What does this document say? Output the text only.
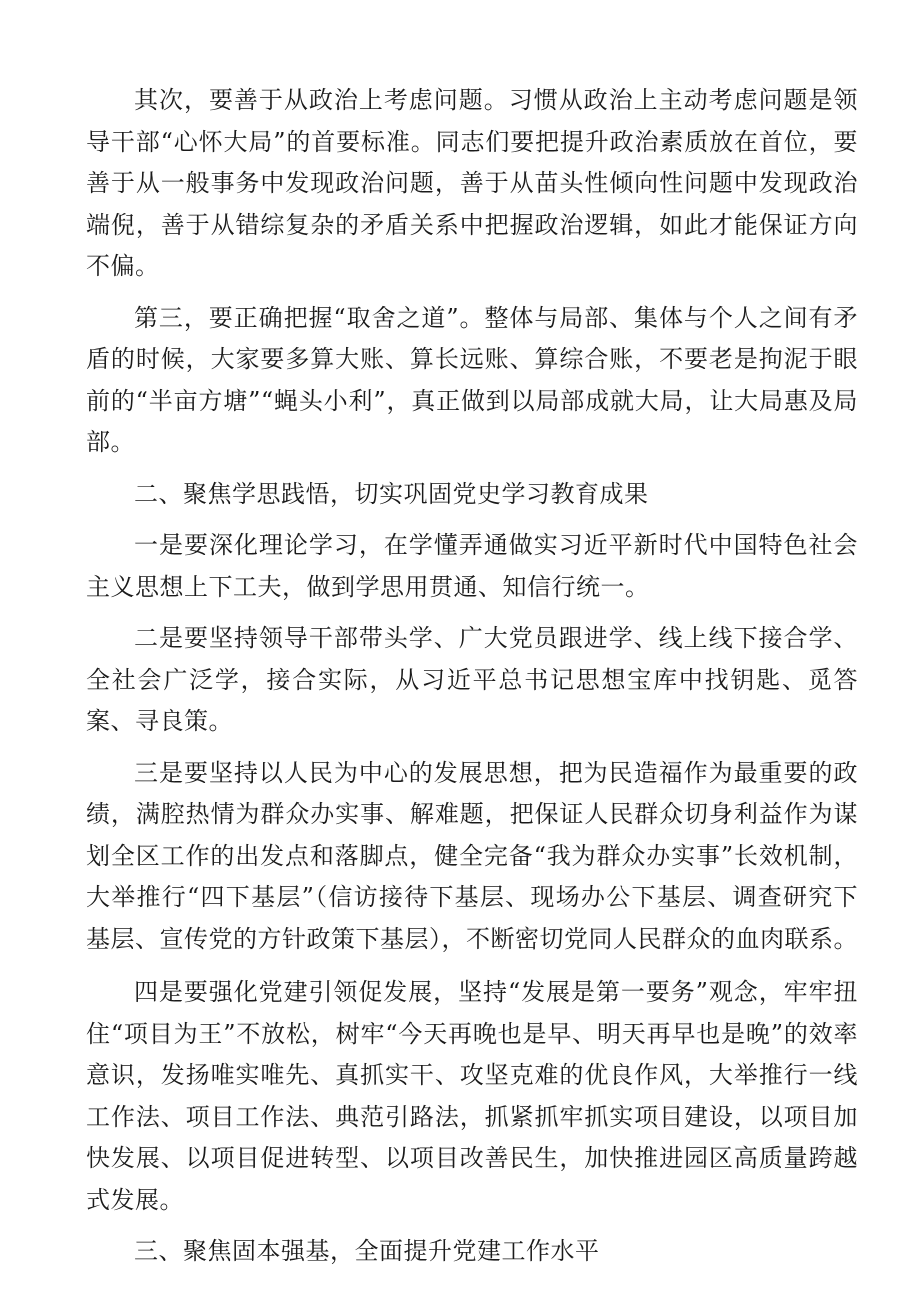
其次，要善于从政治上考虑问题。习惯从政治上主动考虑问题是领导干部“心怀大局”的首要标准。同志们要把提升政治素质放在首位，要善于从一般事务中发现政治问题，善于从苗头性倾向性问题中发现政治端倪，善于从错综复杂的矛盾关系中把握政治逻辑，如此才能保证方向不偏。

第三，要正确把握“取舍之道”。整体与局部、集体与个人之间有矛盾的时候，大家要多算大账、算长远账、算综合账，不要老是拘泥于眼前的“半亩方塘”“蝇头小利”，真正做到以局部成就大局，让大局惠及局部。

二、聚焦学思践悟，切实巩固党史学习教育成果

一是要深化理论学习，在学懂弄通做实习近平新时代中国特色社会主义思想上下工夫，做到学思用贯通、知信行统一。

二是要坚持领导干部带头学、广大党员跟进学、线上线下接合学、全社会广泛学，接合实际，从习近平总书记思想宝库中找钥匙、觅答案、寻良策。

三是要坚持以人民为中心的发展思想，把为民造福作为最重要的政绩，满腔热情为群众办实事、解难题，把保证人民群众切身利益作为谋划全区工作的出发点和落脚点，健全完备“我为群众办实事”长效机制，大举推行“四下基层”（信访接待下基层、现场办公下基层、调查研究下基层、宣传党的方针政策下基层），不断密切党同人民群众的血肉联系。

四是要强化党建引领促发展，坚持“发展是第一要务”观念，牢牢扭住“项目为王”不放松，树牢“今天再晚也是早、明天再早也是晚”的效率意识，发扬唯实唯先、真抓实干、攻坚克难的优良作风，大举推行一线工作法、项目工作法、典范引路法，抓紧抓牢抓实项目建设，以项目加快发展、以项目促进转型、以项目改善民生，加快推进园区高质量跨越式发展。

三、聚焦固本强基，全面提升党建工作水平
